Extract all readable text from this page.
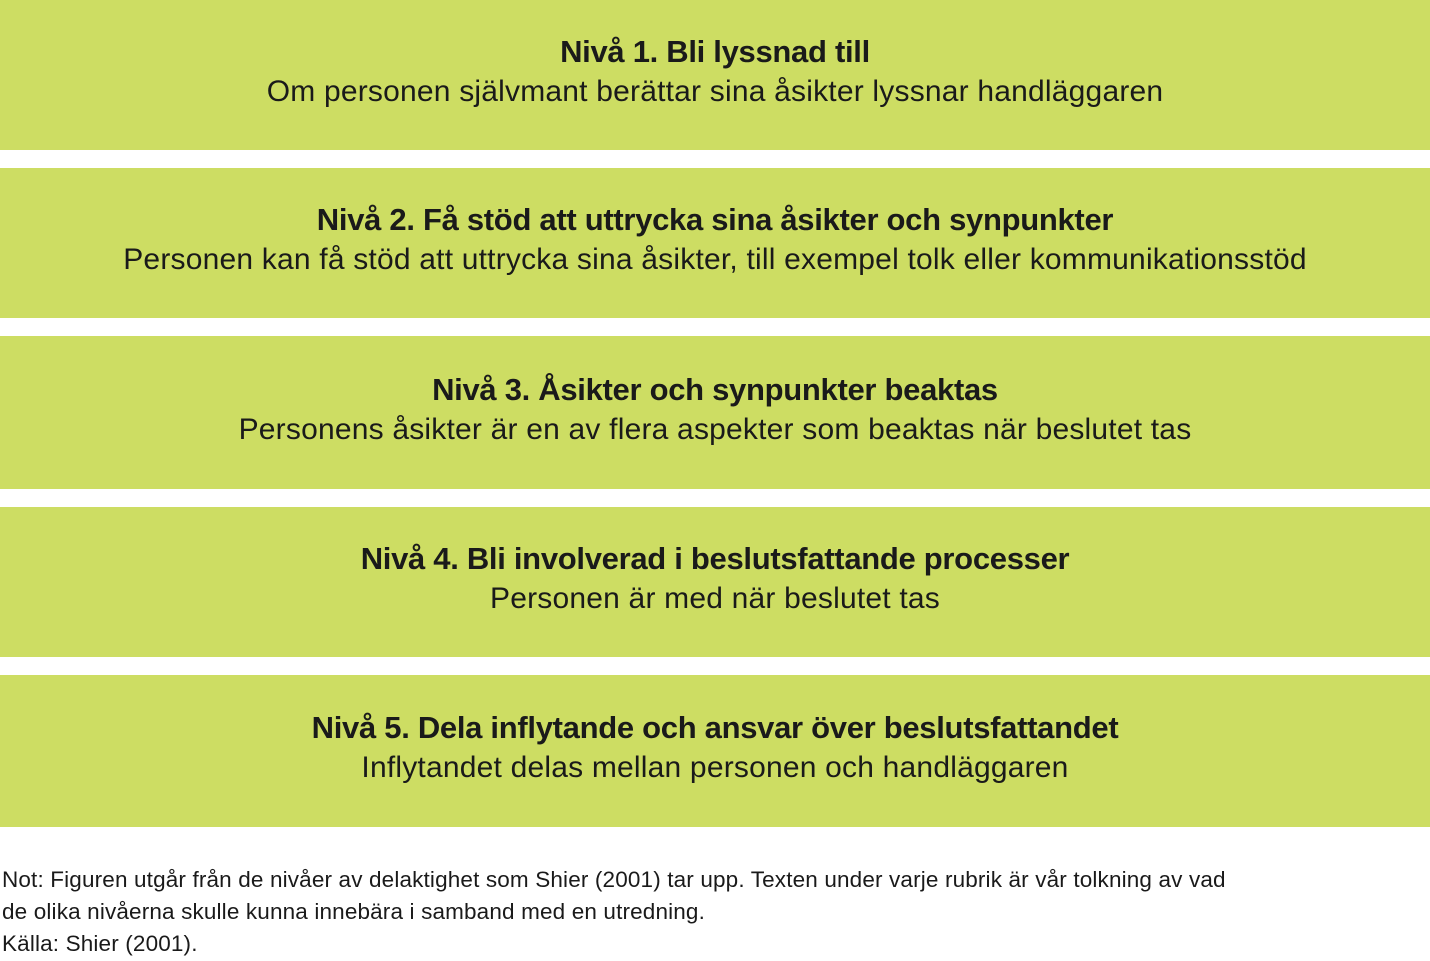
Nivå 1. Bli lyssnad till
Om personen självmant berättar sina åsikter lyssnar handläggaren
Nivå 2. Få stöd att uttrycka sina åsikter och synpunkter
Personen kan få stöd att uttrycka sina åsikter, till exempel tolk eller kommunikationsstöd
Nivå 3. Åsikter och synpunkter beaktas
Personens åsikter är en av flera aspekter som beaktas när beslutet tas
Nivå 4. Bli involverad i beslutsfattande processer
Personen är med när beslutet tas
Nivå 5. Dela inflytande och ansvar över beslutsfattandet
Inflytandet delas mellan personen och handläggaren
Not: Figuren utgår från de nivåer av delaktighet som Shier (2001) tar upp. Texten under varje rubrik är vår tolkning av vad
de olika nivåerna skulle kunna innebära i samband med en utredning.
Källa: Shier (2001).
